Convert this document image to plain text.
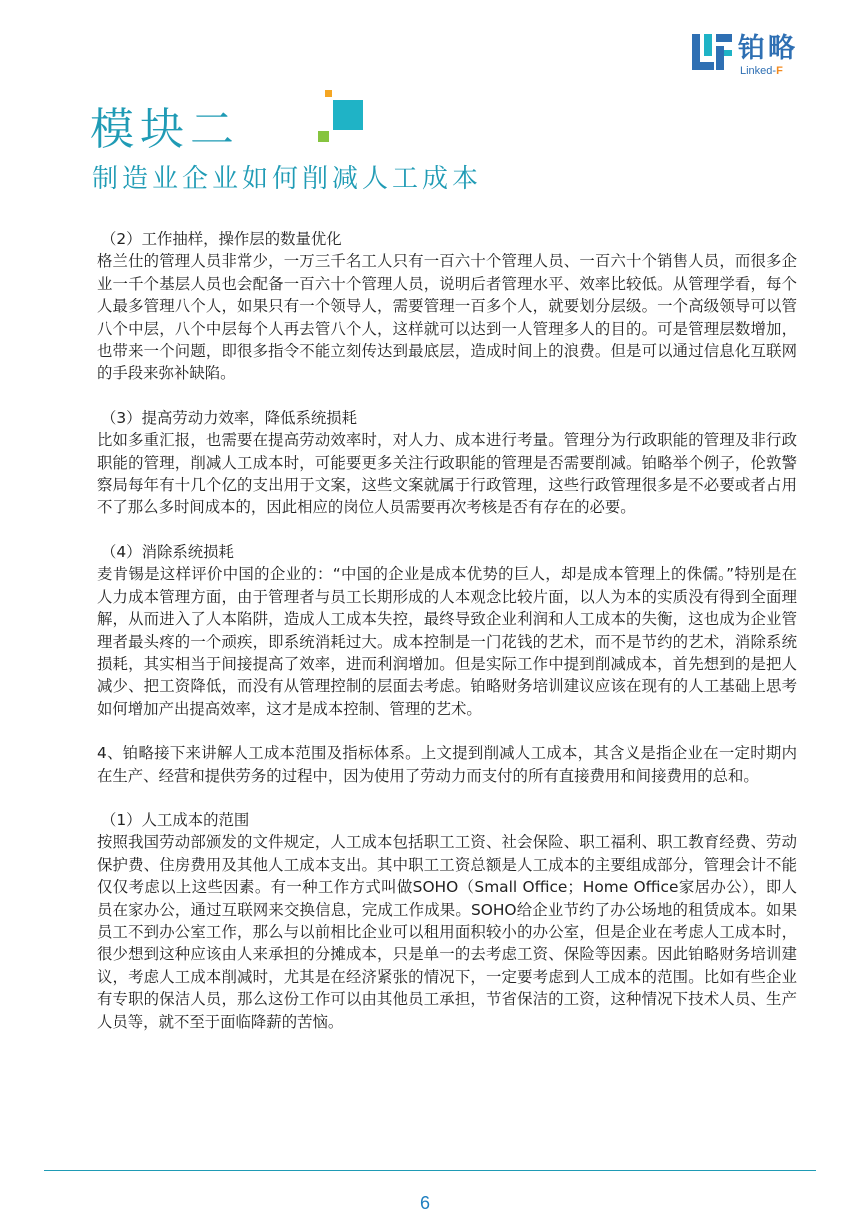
铂略
Linked-F
模块二
制造业企业如何削减人工成本

（2）工作抽样，操作层的数量优化

格兰仕的管理人员非常少，一万三千名工人只有一百六十个管理人员、一百六十个销售人员，而很多企业一千个基层人员也会配备一百六十个管理人员，说明后者管理水平、效率比较低。从管理学看，每个人最多管理八个人，如果只有一个领导人，需要管理一百多个人，就要划分层级。一个高级领导可以管八个中层，八个中层每个人再去管八个人，这样就可以达到一人管理多人的目的。可是管理层数增加，也带来一个问题，即很多指令不能立刻传达到最底层，造成时间上的浪费。但是可以通过信息化互联网的手段来弥补缺陷。

（3）提高劳动力效率，降低系统损耗

比如多重汇报，也需要在提高劳动效率时，对人力、成本进行考量。管理分为行政职能的管理及非行政职能的管理，削减人工成本时，可能要更多关注行政职能的管理是否需要削减。铂略举个例子，伦敦警察局每年有十几个亿的支出用于文案，这些文案就属于行政管理，这些行政管理很多是不必要或者占用不了那么多时间成本的，因此相应的岗位人员需要再次考核是否有存在的必要。

（4）消除系统损耗

麦肯锡是这样评价中国的企业的：“中国的企业是成本优势的巨人，却是成本管理上的侏儒。”特别是在人力成本管理方面，由于管理者与员工长期形成的人本观念比较片面，以人为本的实质没有得到全面理解，从而进入了人本陷阱，造成人工成本失控，最终导致企业利润和人工成本的失衡，这也成为企业管理者最头疼的一个顽疾，即系统消耗过大。成本控制是一门花钱的艺术，而不是节约的艺术，消除系统损耗，其实相当于间接提高了效率，进而利润增加。但是实际工作中提到削减成本，首先想到的是把人减少、把工资降低，而没有从管理控制的层面去考虑。铂略财务培训建议应该在现有的人工基础上思考如何增加产出提高效率，这才是成本控制、管理的艺术。

4、铂略接下来讲解人工成本范围及指标体系。上文提到削减人工成本，其含义是指企业在一定时期内在生产、经营和提供劳务的过程中，因为使用了劳动力而支付的所有直接费用和间接费用的总和。

（1）人工成本的范围

按照我国劳动部颁发的文件规定，人工成本包括职工工资、社会保险、职工福利、职工教育经费、劳动保护费、住房费用及其他人工成本支出。其中职工工资总额是人工成本的主要组成部分，管理会计不能仅仅考虑以上这些因素。有一种工作方式叫做SOHO（Small Office；Home Office家居办公），即人员在家办公，通过互联网来交换信息，完成工作成果。SOHO给企业节约了办公场地的租赁成本。如果员工不到办公室工作，那么与以前相比企业可以租用面积较小的办公室，但是企业在考虑人工成本时，很少想到这种应该由人来承担的分摊成本，只是单一的去考虑工资、保险等因素。因此铂略财务培训建议，考虑人工成本削减时，尤其是在经济紧张的情况下，一定要考虑到人工成本的范围。比如有些企业有专职的保洁人员，那么这份工作可以由其他员工承担，节省保洁的工资，这种情况下技术人员、生产人员等，就不至于面临降薪的苦恼。

6
